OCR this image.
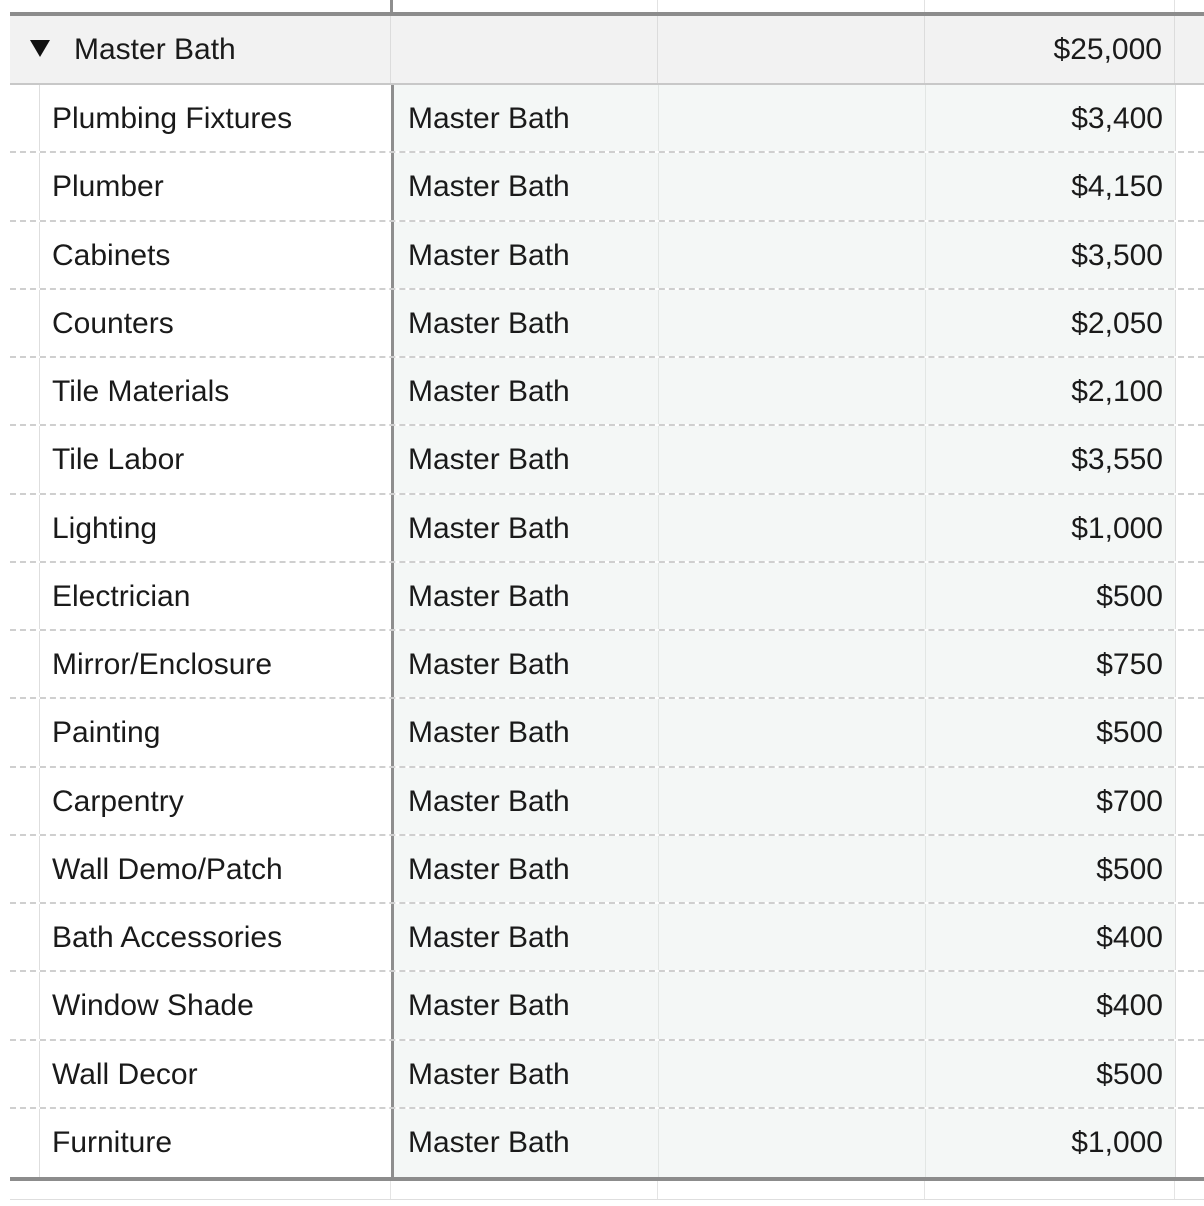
Master Bath	$25,000
Plumbing Fixtures	Master Bath	$3,400
Plumber	Master Bath	$4,150
Cabinets	Master Bath	$3,500
Counters	Master Bath	$2,050
Tile Materials	Master Bath	$2,100
Tile Labor	Master Bath	$3,550
Lighting	Master Bath	$1,000
Electrician	Master Bath	$500
Mirror/Enclosure	Master Bath	$750
Painting	Master Bath	$500
Carpentry	Master Bath	$700
Wall Demo/Patch	Master Bath	$500
Bath Accessories	Master Bath	$400
Window Shade	Master Bath	$400
Wall Decor	Master Bath	$500
Furniture	Master Bath	$1,000
